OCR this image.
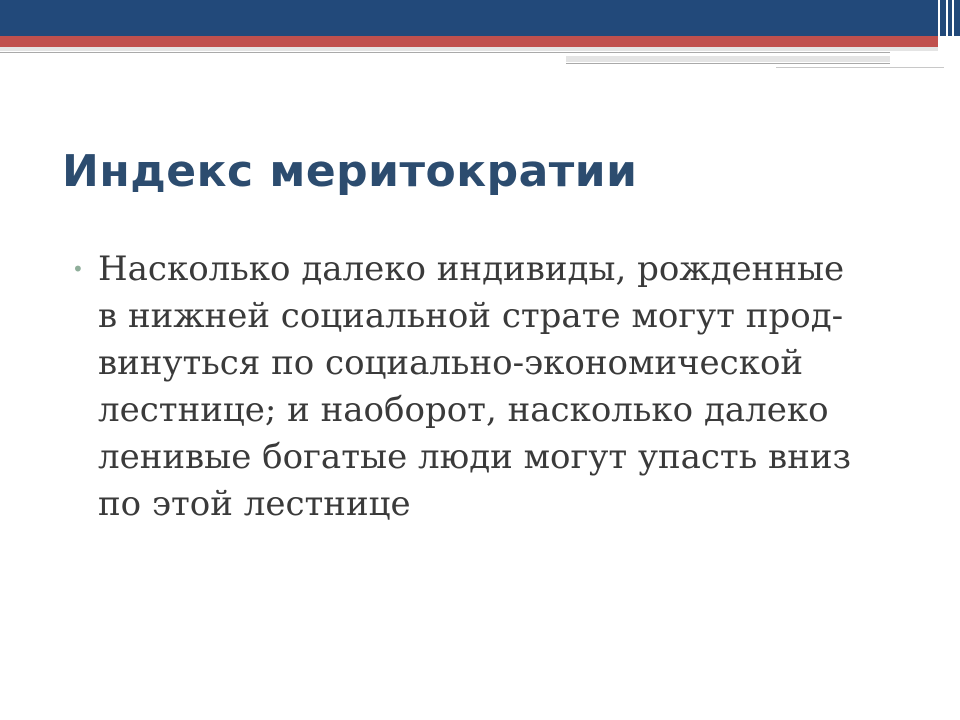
Индекс меритократии
• Насколько далеко индивиды, рожденные
в нижней социальной страте могут прод-
винуться по социально-экономической
лестнице; и наоборот, насколько далеко
ленивые богатые люди могут упасть вниз
по этой лестнице
